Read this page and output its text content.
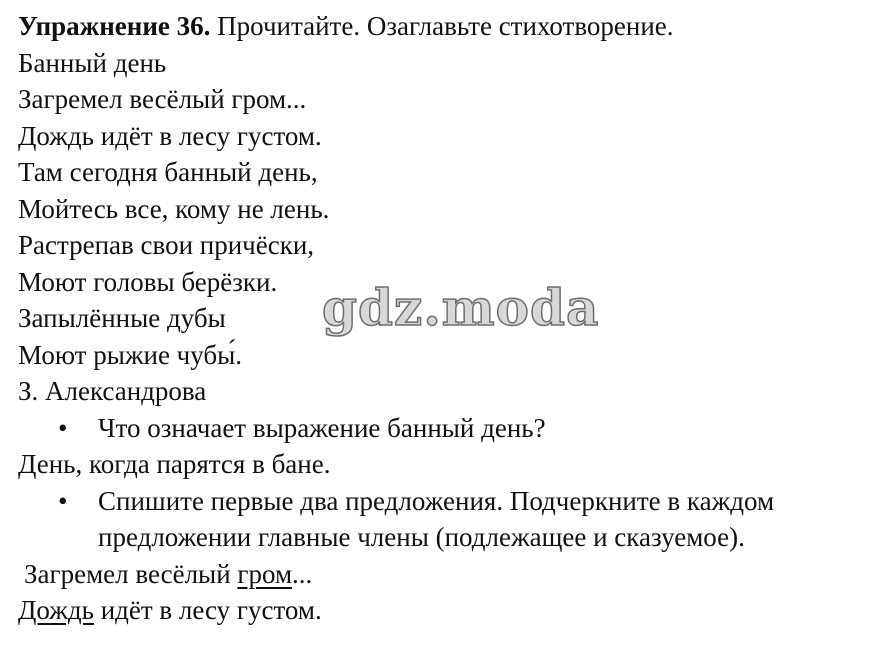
Упражнение 36. Прочитайте. Озаглавьте стихотворение.
Банный день
Загремел весёлый гром...
Дождь идёт в лесу густом.
Там сегодня банный день,
Мойтесь все, кому не лень.
Растрепав свои причёски,
Моют головы берёзки.
Запылённые дубы
Моют рыжие чубы́.
З. Александрова
• Что означает выражение банный день?
День, когда парятся в бане.
• Спишите первые два предложения. Подчеркните в каждом
предложении главные члены (подлежащее и сказуемое).
Загремел весёлый гром...
Дождь идёт в лесу густом.
gdz.moda
